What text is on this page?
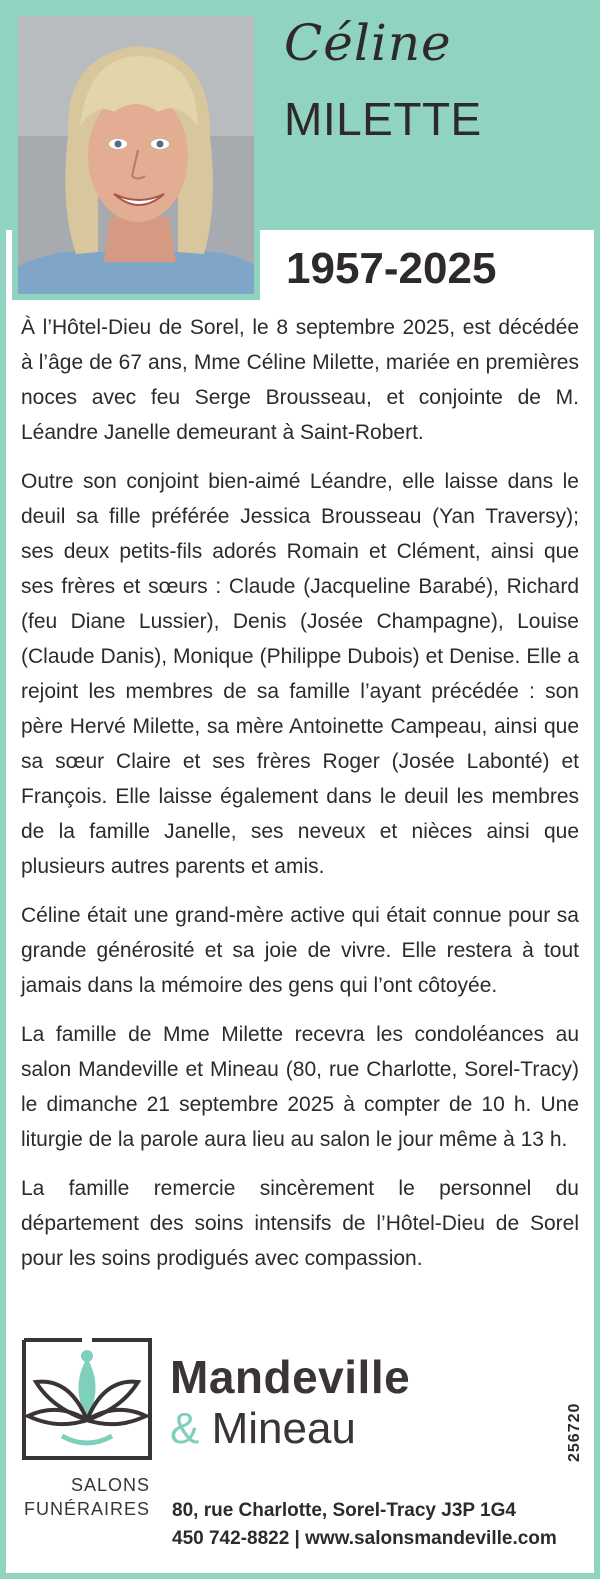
Céline
MILETTE
1957-2025

À l’Hôtel-Dieu de Sorel, le 8 septembre 2025, est décédée à l’âge de 67 ans, Mme Céline Milette, mariée en premières noces avec feu Serge Brousseau, et conjointe de M. Léandre Janelle demeurant à Saint-Robert.

Outre son conjoint bien-aimé Léandre, elle laisse dans le deuil sa fille préférée Jessica Brousseau (Yan Traversy); ses deux petits-fils adorés Romain et Clément, ainsi que ses frères et sœurs : Claude (Jacqueline Barabé), Richard (feu Diane Lussier), Denis (Josée Champagne), Louise (Claude Danis), Monique (Philippe Dubois) et Denise. Elle a rejoint les membres de sa famille l’ayant précédée : son père Hervé Milette, sa mère Antoinette Campeau, ainsi que sa sœur Claire et ses frères Roger (Josée Labonté) et François. Elle laisse également dans le deuil les membres de la famille Janelle, ses neveux et nièces ainsi que plusieurs autres parents et amis.

Céline était une grand-mère active qui était connue pour sa grande générosité et sa joie de vivre. Elle restera à tout jamais dans la mémoire des gens qui l’ont côtoyée.

La famille de Mme Milette recevra les condoléances au salon Mandeville et Mineau (80, rue Charlotte, Sorel-Tracy) le dimanche 21 septembre 2025 à compter de 10 h. Une liturgie de la parole aura lieu au salon le jour même à 13 h.

La famille remercie sincèrement le personnel du département des soins intensifs de l’Hôtel-Dieu de Sorel pour les soins prodigués avec compassion.

Mandeville
& Mineau
SALONS
FUNÉRAIRES 80, rue Charlotte, Sorel-Tracy J3P 1G4
450 742-8822 | www.salonsmandeville.com
256720
